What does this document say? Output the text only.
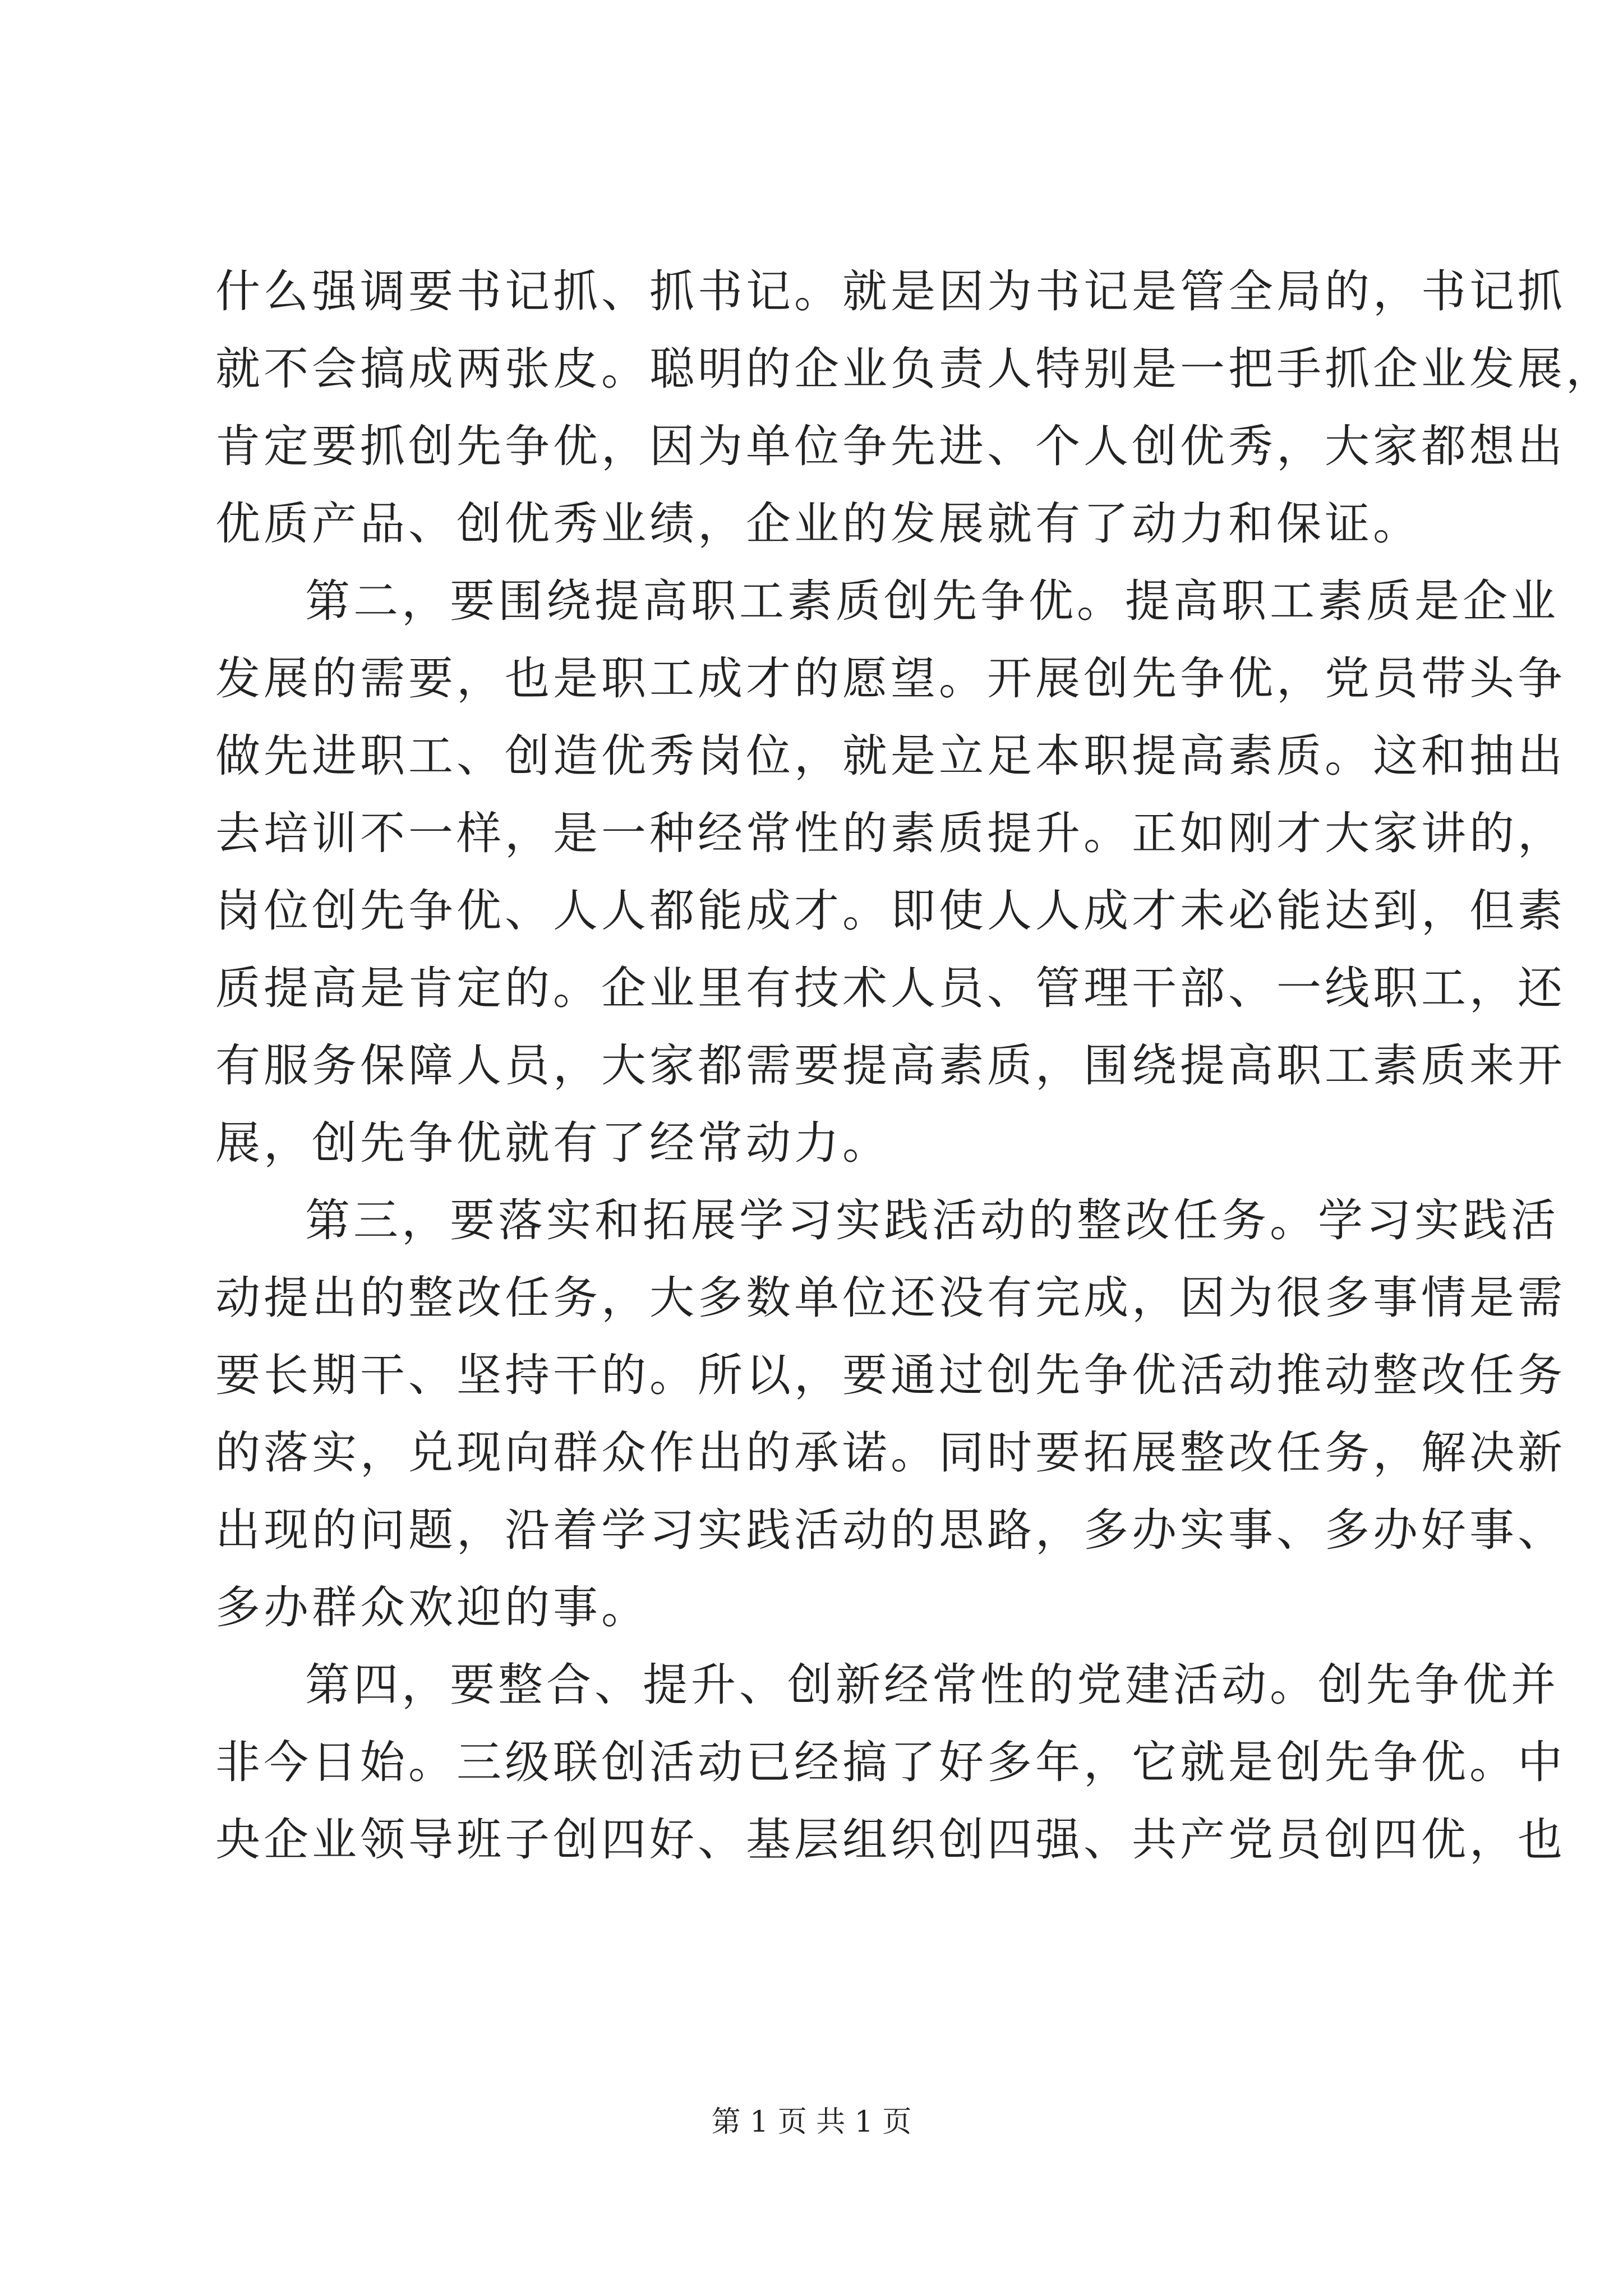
什么强调要书记抓、抓书记。就是因为书记是管全局的，书记抓
就不会搞成两张皮。聪明的企业负责人特别是一把手抓企业发展，
肯定要抓创先争优，因为单位争先进、个人创优秀，大家都想出
优质产品、创优秀业绩，企业的发展就有了动力和保证。
第二，要围绕提高职工素质创先争优。提高职工素质是企业
发展的需要，也是职工成才的愿望。开展创先争优，党员带头争
做先进职工、创造优秀岗位，就是立足本职提高素质。这和抽出
去培训不一样，是一种经常性的素质提升。正如刚才大家讲的，
岗位创先争优、人人都能成才。即使人人成才未必能达到，但素
质提高是肯定的。企业里有技术人员、管理干部、一线职工，还
有服务保障人员，大家都需要提高素质，围绕提高职工素质来开
展，创先争优就有了经常动力。
第三，要落实和拓展学习实践活动的整改任务。学习实践活
动提出的整改任务，大多数单位还没有完成，因为很多事情是需
要长期干、坚持干的。所以，要通过创先争优活动推动整改任务
的落实，兑现向群众作出的承诺。同时要拓展整改任务，解决新
出现的问题，沿着学习实践活动的思路，多办实事、多办好事、
多办群众欢迎的事。
第四，要整合、提升、创新经常性的党建活动。创先争优并
非今日始。三级联创活动已经搞了好多年，它就是创先争优。中
央企业领导班子创四好、基层组织创四强、共产党员创四优，也
第 1 页 共 1 页
